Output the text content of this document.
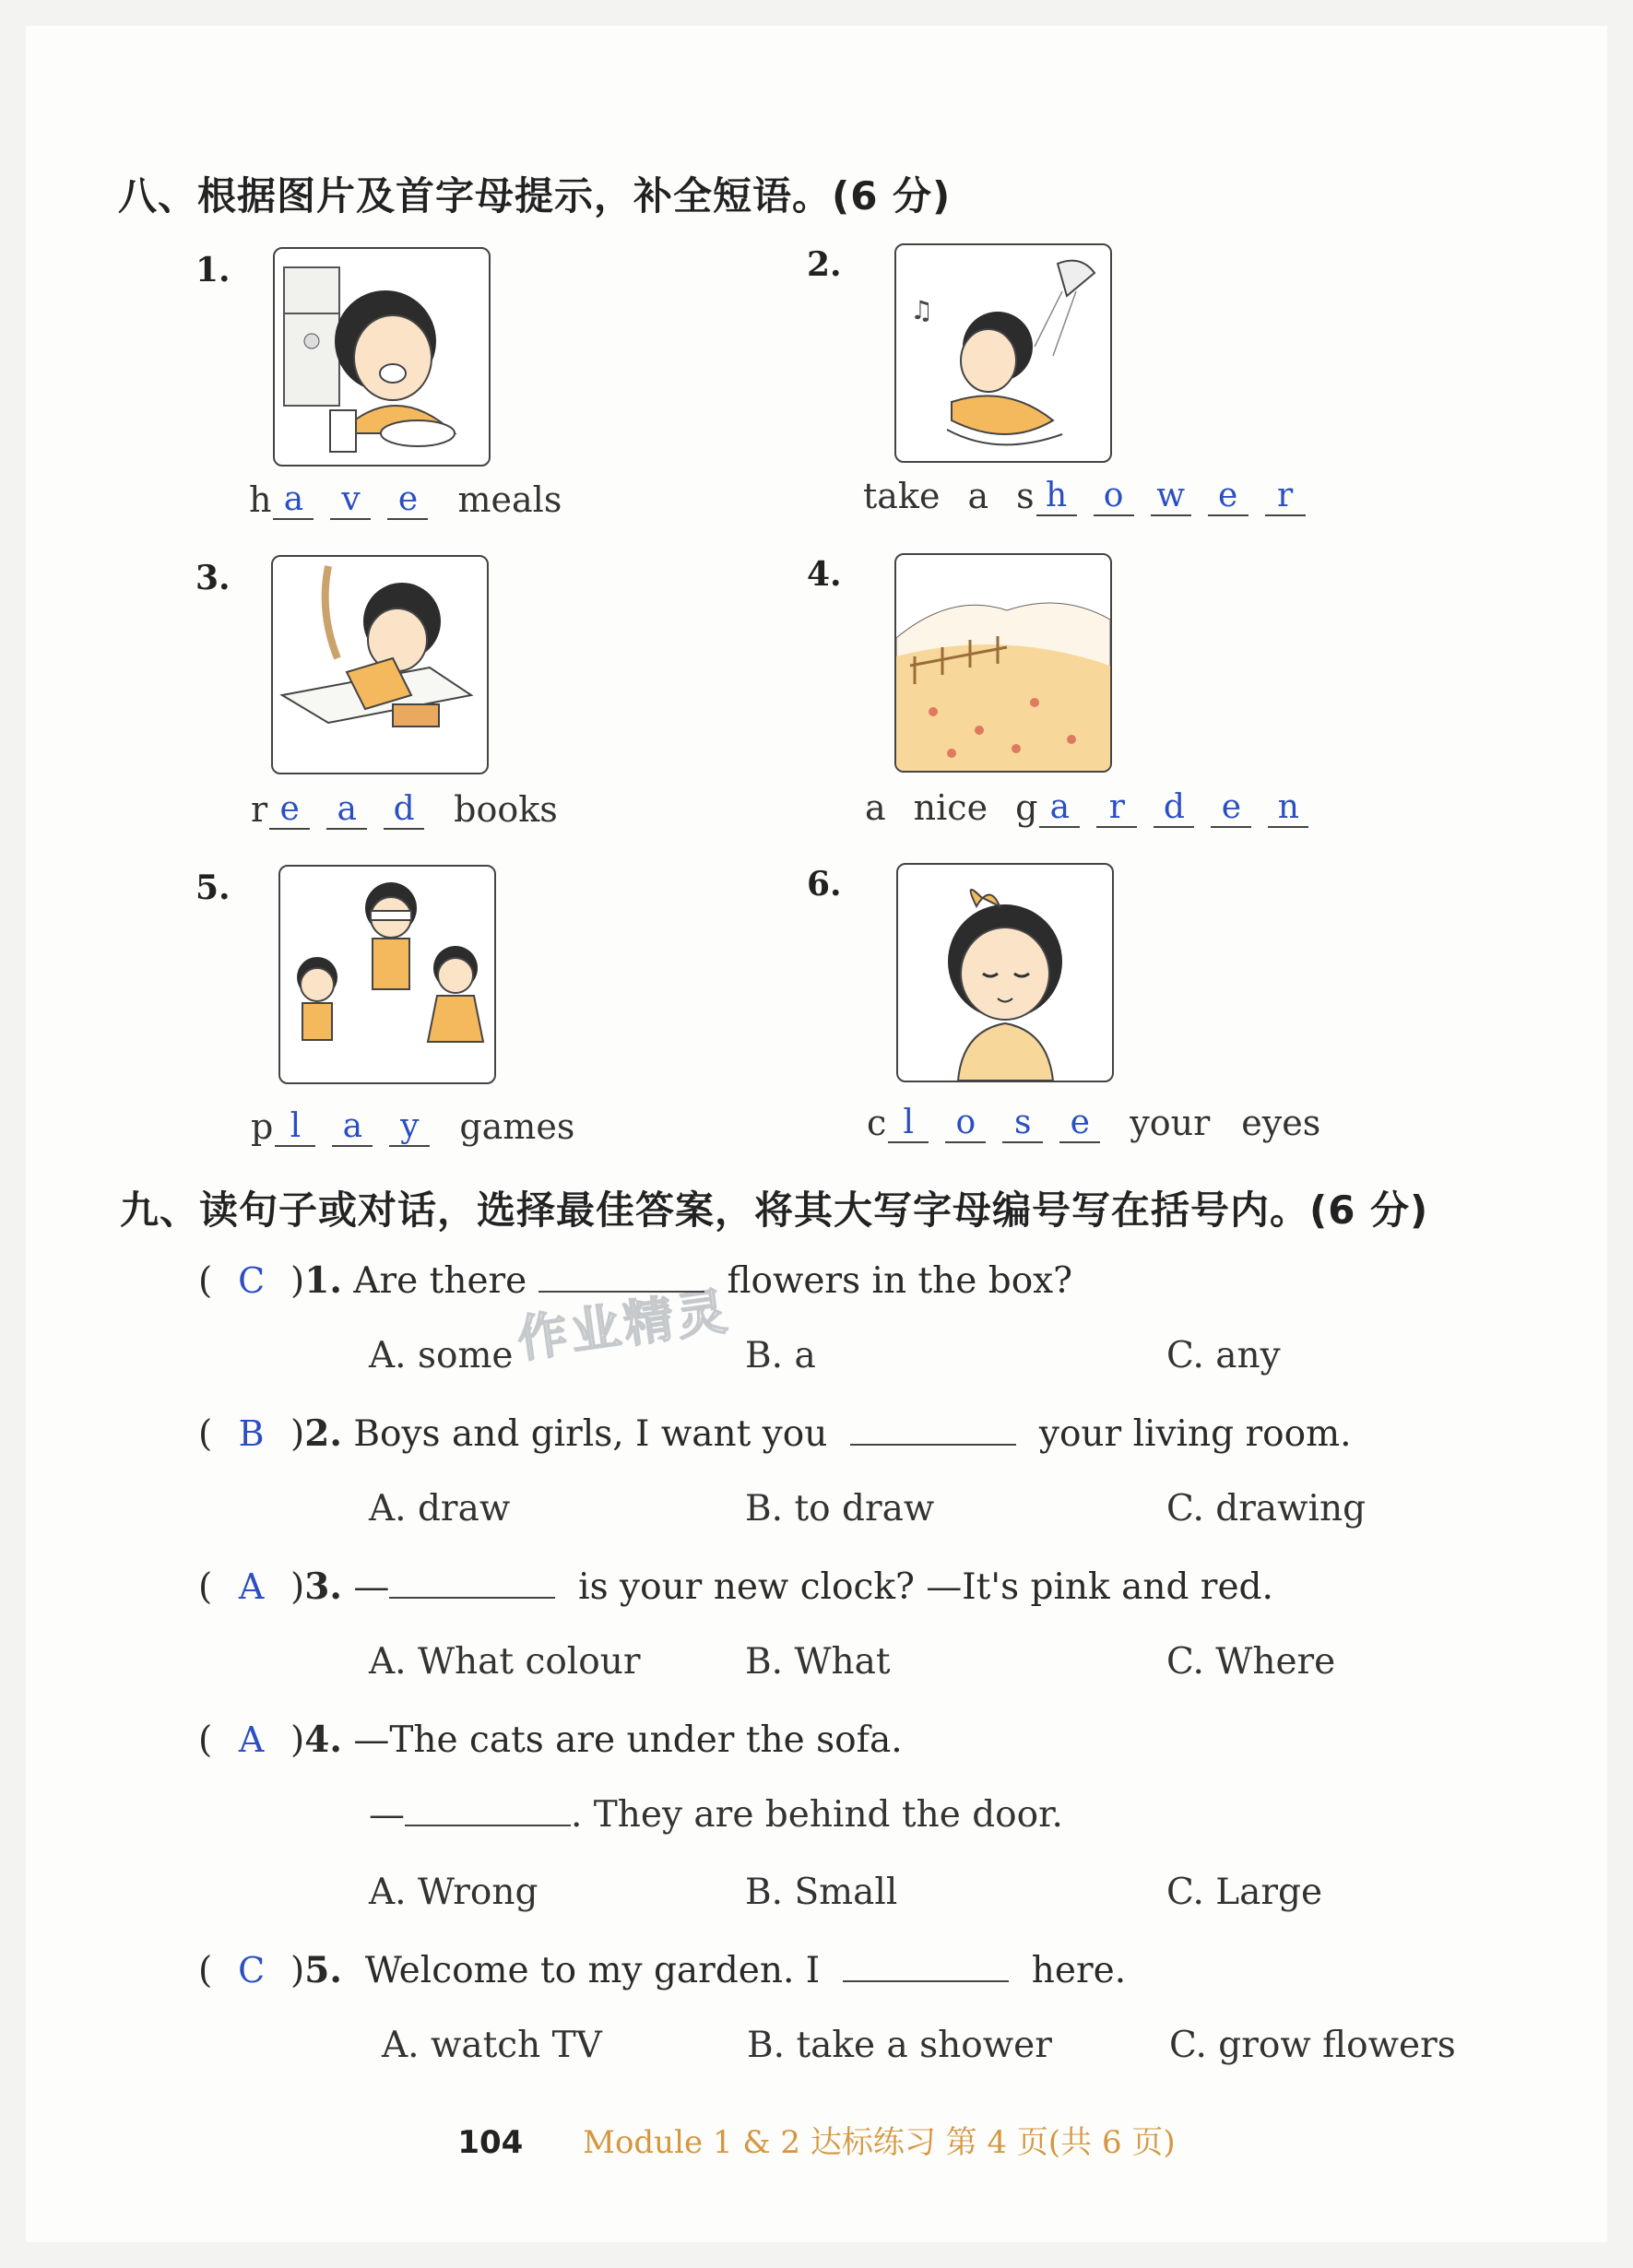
作业精灵
八、根据图片及首字母提示，补全短语。(6 分)
1.
h a	v	e meals
2.
♫
take a s h	o w e	r
3.
r e	a	d books
4.
a nice g a	r	d	e	n
5.
p l	a	y	games
6.
c l	o	s	e your eyes
九、读句子或对话，选择最佳答案，将其大写字母编号写在括号内。(6 分)
( C )1. Are there	flowers in the box?
A. some	B. a	C. any
( B )2. Boys and girls, I want you	your living room.
A. draw	B. to draw	C. drawing
( A )3. —	is your new clock? —It's pink and red.
A. What colour	B. What	C. Where
( A )4. —The cats are under the sofa.
—	. They are behind the door.
A. Wrong	B. Small	C. Large
( C )5. Welcome to my garden. I	here.
A. watch TV	B. take a shower	C. grow flowers
104 Module 1 & 2 达标练习 第 4 页(共 6 页)
